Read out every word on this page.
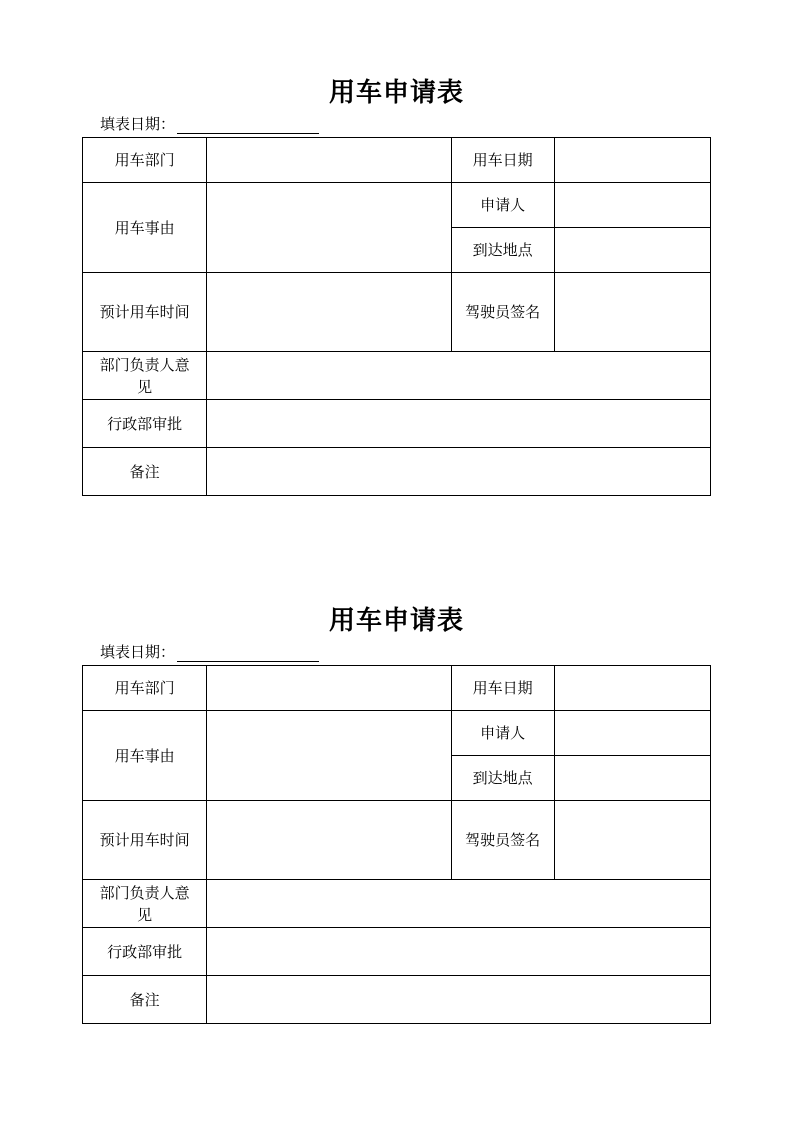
用车申请表
填表日期：
用车部门		用车日期	
用车事由		申请人	
		到达地点	
预计用车时间		驾驶员签名	
部门负责人意见			
行政部审批			
备注			
用车申请表
填表日期：
用车部门		用车日期	
用车事由		申请人	
		到达地点	
预计用车时间		驾驶员签名	
部门负责人意见			
行政部审批			
备注			
